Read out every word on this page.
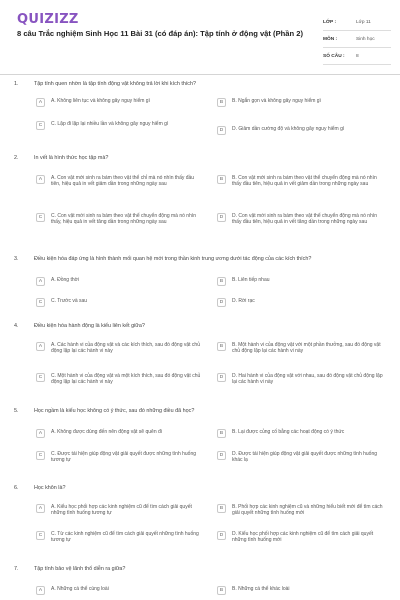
QUIZIZZ
8 câu Trắc nghiệm Sinh Học 11 Bài 31 (có đáp án): Tập tính ở động vật (Phần 2)
LỚP :	Lớp 11
MÔN :	Sinh học
SỐ CÂU :	8
1.	Tập tính quen nhờn là tập tính động vật không trả lời khi kích thích?
A	A. Không liên tục và không gây nguy hiểm gì	B	B. Ngắn gọn và không gây nguy hiểm gì
C	C. Lặp đi lặp lại nhiều lần và không gây nguy hiểm gì
D	D. Giảm dần cường độ và không gây nguy hiểm gì
2.	In vết là hình thức học tập mà?
A	A. Con vật mới sinh ra bám theo vật thể chỉ mà nó nhìn thấy đầu tiên, hiệu quả in vết giảm dần trong những ngày sau
B	B. Con vật mới sinh ra bám theo vật thể chuyển động mà nó nhìn thấy đầu tiên, hiệu quả in vết giảm dần trong những ngày sau
C	C. Con vật mới sinh ra bám theo vật thể chuyển động mà nó nhìn thấy, hiệu quả in vết tăng dần trong những ngày sau
D	D. Con vật mới sinh ra bám theo vật thể chuyển động mà nó nhìn thấy đầu tiên, hiệu quả in vết tăng dần trong những ngày sau
3.	Điều kiện hóa đáp ứng là hình thành mối quan hệ mới trong thần kinh trung ương dưới tác động của các kích thích?
A	A. Đồng thời	B	B. Liên tiếp nhau
C	C. Trước và sau	D	D. Rời rạc
4.	Điều kiện hóa hành động là kiểu liên kết giữa?
A	A. Các hành vi của động vật và các kích thích, sau đó động vật chủ động lặp lại các hành vi này
B	B. Một hành vi của động vật với một phần thưởng, sau đó động vật chủ động lặp lại các hành vi này
C	C. Một hành vi của động vật và một kích thích, sau đó động vật chủ động lặp lại các hành vi này
D	D. Hai hành vi của động vật với nhau, sau đó động vật chủ động lặp lại các hành vi này
5.	Học ngầm là kiểu học không có ý thức, sau đó những điều đã học?
A	A. Không được dùng đến nên động vật sẽ quên đi	B	B. Lại được củng cố bằng các hoạt động có ý thức
C	C. Được tái hiện giúp động vật giải quyết được những tình huống tương tự
D	D. Được tái hiện giúp động vật giải quyết được những tình huống khác lạ
6.	Học khôn là?
A	A. Kiểu học phối hợp các kinh nghiệm cũ để tìm cách giải quyết những tình huống tương tự
B	B. Phối hợp các kinh nghiệm cũ và những hiểu biết mới để tìm cách giải quyết những tình huống mới
C	C. Từ các kinh nghiệm cũ để tìm cách giải quyết những tình huống tương tự
D	D. Kiểu học phối hợp các kinh nghiệm cũ để tìm cách giải quyết những tình huống mới
7.	Tập tính bảo vệ lãnh thổ diễn ra giữa?
A	A. Những cá thể cùng loài	B	B. Những cá thể khác loài
